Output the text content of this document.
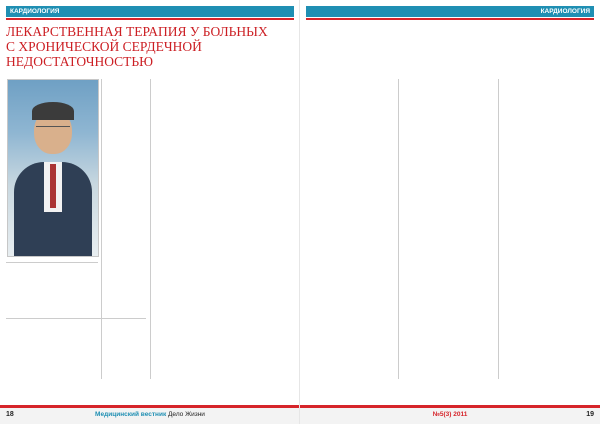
КАРДИОЛОГИЯ
ЛЕКАРСТВЕННАЯ ТЕРАПИЯ У БОЛЬНЫХ С ХРОНИЧЕСКОЙ СЕРДЕЧНОЙ НЕДОСТАТОЧНОСТЬЮ
18	Медицинский вестник Дело Жизни
КАРДИОЛОГИЯ
№5(3) 2011	19
